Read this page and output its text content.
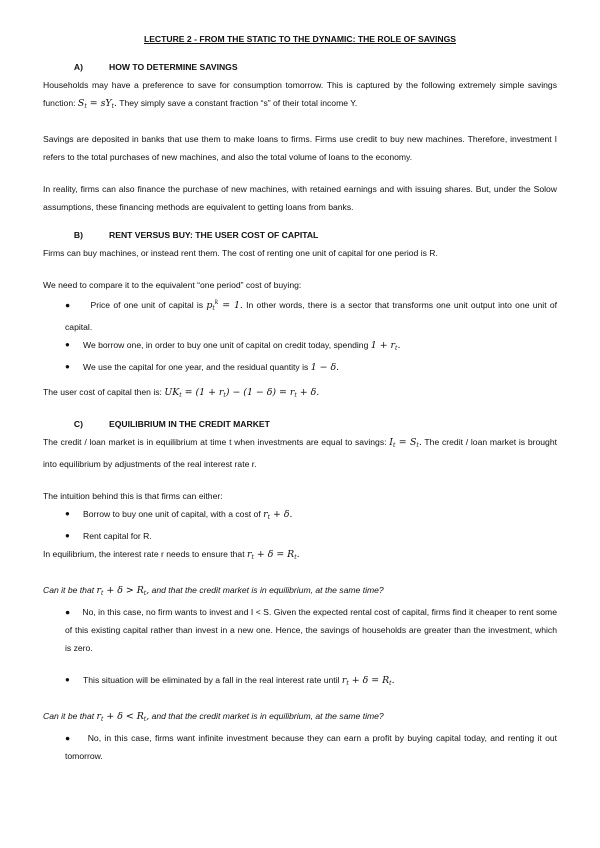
LECTURE 2 - FROM THE STATIC TO THE DYNAMIC: THE ROLE OF SAVINGS
A)	HOW TO DETERMINE SAVINGS

Households may have a preference to save for consumption tomorrow. This is captured by the following extremely simple savings function: $S_t = sY_t$. They simply save a constant fraction “s” of their total income Y.

Savings are deposited in banks that use them to make loans to firms. Firms use credit to buy new machines. Therefore, investment I refers to the total purchases of new machines, and also the total volume of loans to the economy.

In reality, firms can also finance the purchase of new machines, with retained earnings and with issuing shares. But, under the Solow assumptions, these financing methods are equivalent to getting loans from banks.

B)	RENT VERSUS BUY: THE USER COST OF CAPITAL

Firms can buy machines, or instead rent them. The cost of renting one unit of capital for one period is R.

We need to compare it to the equivalent “one period” cost of buying:

●      Price of one unit of capital is $p_t^k = 1$. In other words, there is a sector that transforms one unit output into one unit of capital.
●	We borrow one, in order to buy one unit of capital on credit today, spending $1 + r_t$.
●	We use the capital for one year, and the residual quantity is 1 − δ.

The user cost of capital then is: $UK_t = (1 + r_t) - (1 - \delta) = r_t + \delta$.

C)	EQUILIBRIUM IN THE CREDIT MARKET

The credit / loan market is in equilibrium at time t when investments are equal to savings: $I_t = S_t$. The credit / loan market is brought into equilibrium by adjustments of the real interest rate r.

The intuition behind this is that firms can either:

●	Borrow to buy one unit of capital, with a cost of $r_t + \delta$.
●	Rent capital for R.

In equilibrium, the interest rate r needs to ensure that $r_t + \delta = R_t$.

Can it be that $r_t + \delta > R_t$, and that the credit market is in equilibrium, at the same time?

●     No, in this case, no firm wants to invest and I < S. Given the expected rental cost of capital, firms find it cheaper to rent some of this existing capital rather than invest in a new one. Hence, the savings of households are greater than the investment, which is zero.
●	This situation will be eliminated by a fall in the real interest rate until $r_t + \delta = R_t$.

Can it be that $r_t + \delta < R_t$, and that the credit market is in equilibrium, at the same time?

●     No, in this case, firms want infinite investment because they can earn a profit by buying capital today, and renting it out tomorrow.
